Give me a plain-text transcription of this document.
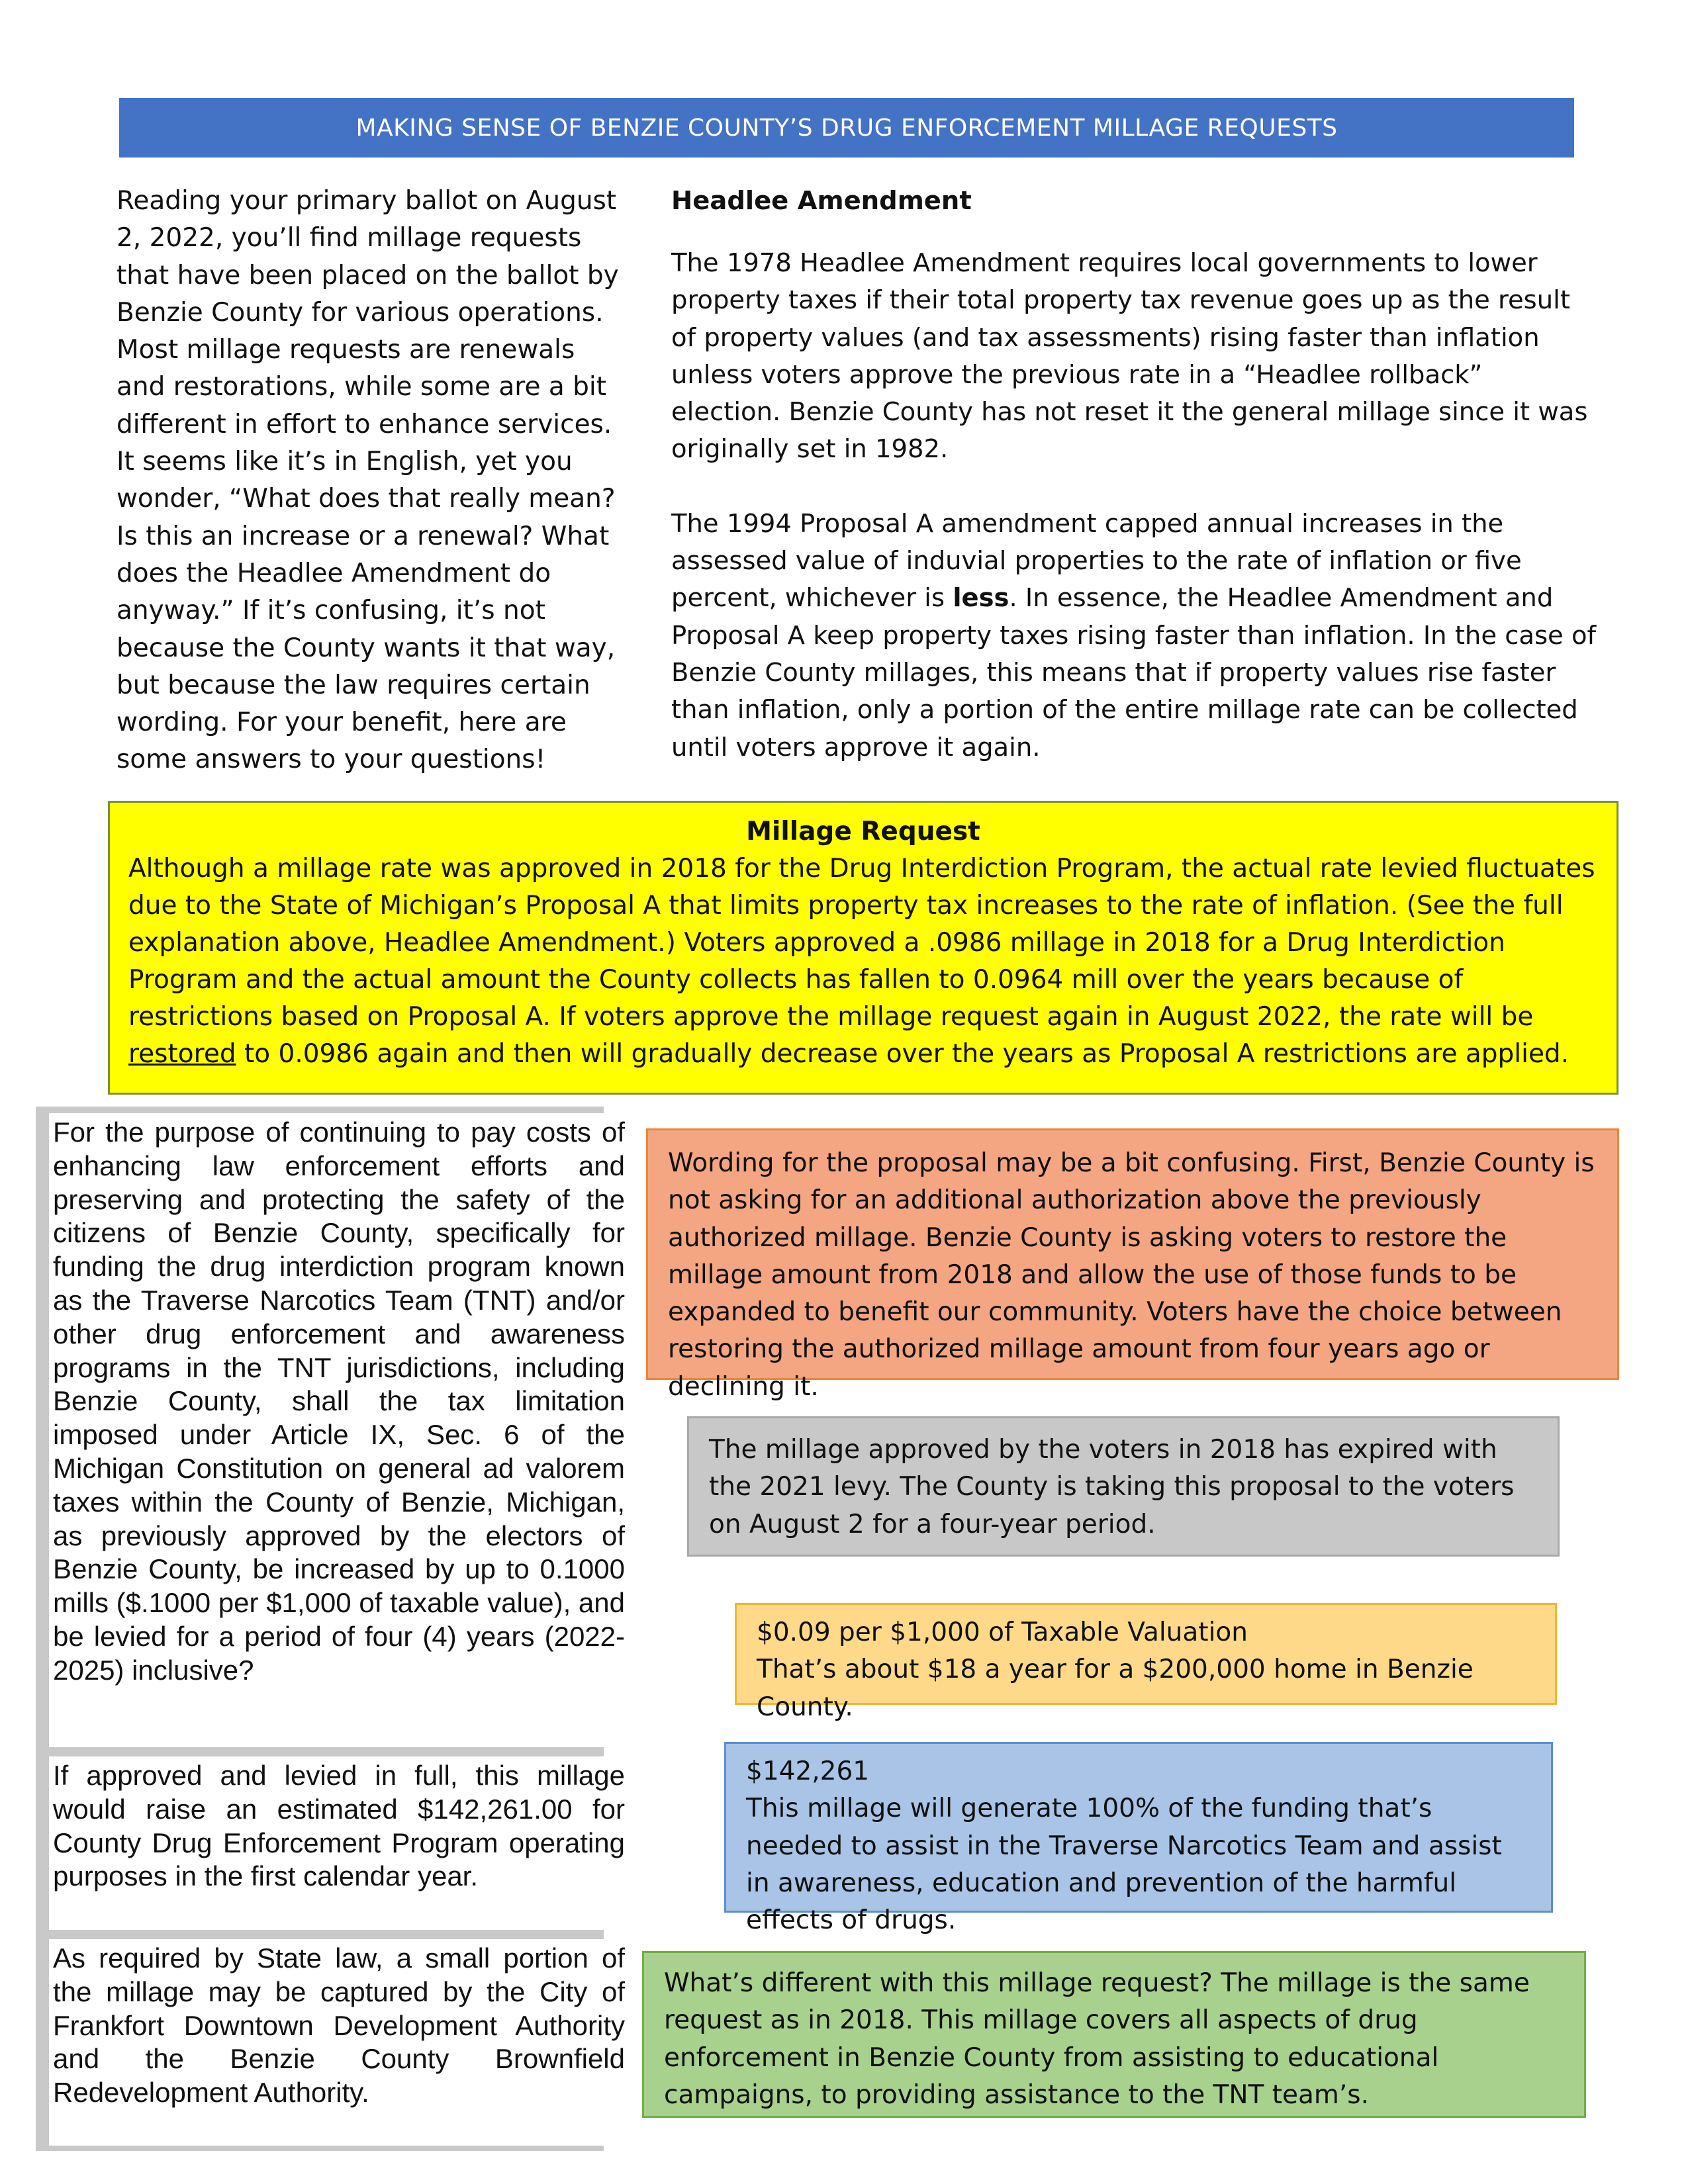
MAKING SENSE OF BENZIE COUNTY’S DRUG ENFORCEMENT MILLAGE REQUESTS
Reading your primary ballot on August 2, 2022, you’ll find millage requests that have been placed on the ballot by Benzie County for various operations. Most millage requests are renewals and restorations, while some are a bit different in effort to enhance services. It seems like it’s in English, yet you wonder, “What does that really mean? Is this an increase or a renewal? What does the Headlee Amendment do anyway.” If it’s confusing, it’s not because the County wants it that way, but because the law requires certain wording. For your benefit, here are some answers to your questions!
Headlee Amendment

The 1978 Headlee Amendment requires local governments to lower property taxes if their total property tax revenue goes up as the result of property values (and tax assessments) rising faster than inflation unless voters approve the previous rate in a “Headlee rollback” election. Benzie County has not reset it the general millage since it was originally set in 1982.

The 1994 Proposal A amendment capped annual increases in the assessed value of induvial properties to the rate of inflation or five percent, whichever is less. In essence, the Headlee Amendment and Proposal A keep property taxes rising faster than inflation. In the case of Benzie County millages, this means that if property values rise faster than inflation, only a portion of the entire millage rate can be collected until voters approve it again.

Millage Request

Although a millage rate was approved in 2018 for the Drug Interdiction Program, the actual rate levied fluctuates due to the State of Michigan’s Proposal A that limits property tax increases to the rate of inflation. (See the full explanation above, Headlee Amendment.) Voters approved a .0986 millage in 2018 for a Drug Interdiction Program and the actual amount the County collects has fallen to 0.0964 mill over the years because of restrictions based on Proposal A. If voters approve the millage request again in August 2022, the rate will be restored to 0.0986 again and then will gradually decrease over the years as Proposal A restrictions are applied.

For the purpose of continuing to pay costs of enhancing law enforcement efforts and preserving and protecting the safety of the citizens of Benzie County, specifically for funding the drug interdiction program known as the Traverse Narcotics Team (TNT) and/or other drug enforcement and awareness programs in the TNT jurisdictions, including Benzie County, shall the tax limitation imposed under Article IX, Sec. 6 of the Michigan Constitution on general ad valorem taxes within the County of Benzie, Michigan, as previously approved by the electors of Benzie County, be increased by up to 0.1000 mills ($.1000 per $1,000 of taxable value), and be levied for a period of four (4) years (2022-2025) inclusive?
If approved and levied in full, this millage would raise an estimated $142,261.00 for County Drug Enforcement Program operating purposes in the first calendar year.
As required by State law, a small portion of the millage may be captured by the City of Frankfort Downtown Development Authority and the Benzie County Brownfield Redevelopment Authority.
Wording for the proposal may be a bit confusing. First, Benzie County is not asking for an additional authorization above the previously authorized millage. Benzie County is asking voters to restore the millage amount from 2018 and allow the use of those funds to be expanded to benefit our community. Voters have the choice between restoring the authorized millage amount from four years ago or declining it.
The millage approved by the voters in 2018 has expired with the 2021 levy. The County is taking this proposal to the voters on August 2 for a four-year period.
$0.09 per $1,000 of Taxable Valuation
That’s about $18 a year for a $200,000 home in Benzie County.
$142,261
This millage will generate 100% of the funding that’s needed to assist in the Traverse Narcotics Team and assist in awareness, education and prevention of the harmful effects of drugs.
What’s different with this millage request? The millage is the same request as in 2018. This millage covers all aspects of drug enforcement in Benzie County from assisting to educational campaigns, to providing assistance to the TNT team’s.
